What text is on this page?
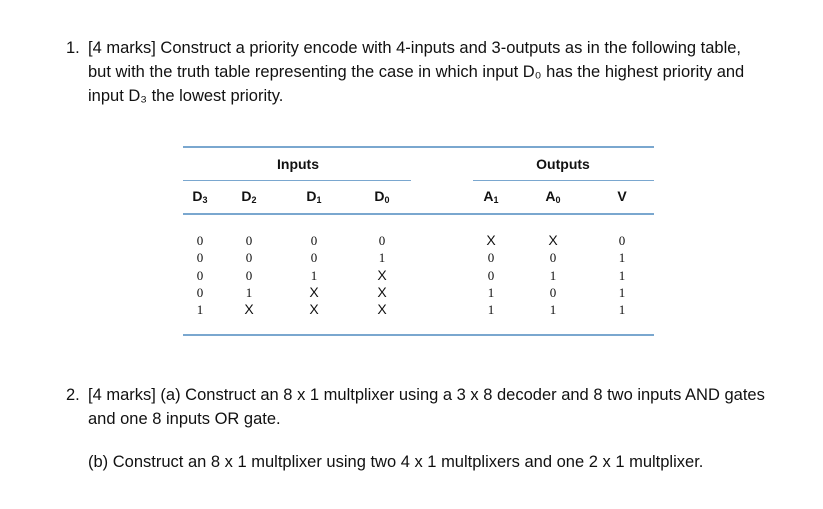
1. [4 marks] Construct a priority encode with 4-inputs and 3-outputs as in the following table, but with the truth table representing the case in which input D₀ has the highest priority and input D₃ the lowest priority.
Inputs	Outputs
$D_3$	$D_2$	$D_1$	$D_0$	$A_1$	$A_0$	V
0	0	0	0	X	X	0
0	0	0	1	0	0	1
0	0	1	X	0	1	1
0	1	X	X	1	0	1
1	X	X	X	1	1	1
2. [4 marks] (a) Construct an 8 x 1 multplixer using a 3 x 8 decoder and 8 two inputs AND gates and one 8 inputs OR gate.
(b) Construct an 8 x 1 multplixer using two 4 x 1 multplixers and one 2 x 1 multplixer.
